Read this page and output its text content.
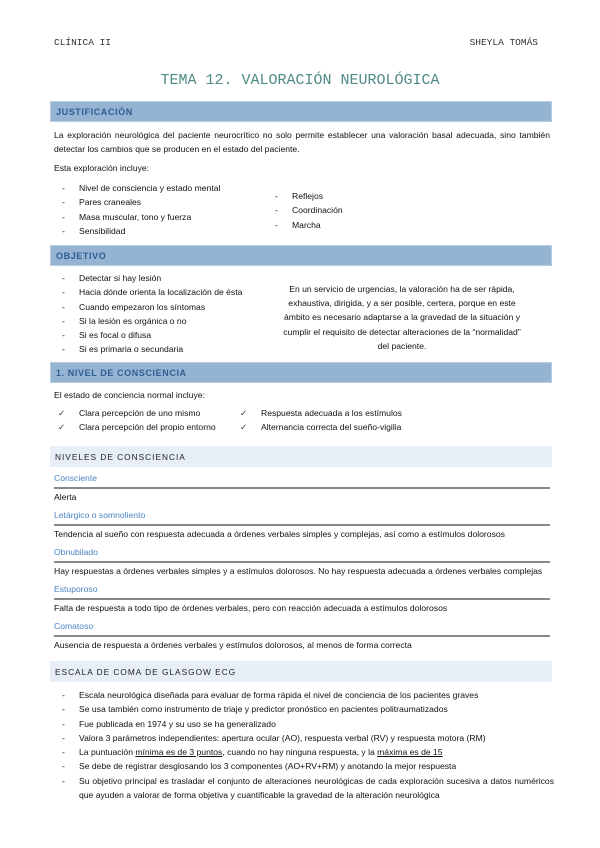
CLÍNICA II	SHEYLA TOMÁS
TEMA 12. VALORACIÓN NEUROLÓGICA
JUSTIFICACIÓN
La exploración neurológica del paciente neurocrítico no solo permite establecer una valoración basal adecuada, sino también detectar los cambios que se producen en el estado del paciente.
Esta exploración incluye:
- Nivel de consciencia y estado mental
- Pares craneales
- Masa muscular, tono y fuerza
- Sensibilidad
- Reflejos
- Coordinación
- Marcha
OBJETIVO
- Detectar si hay lesión
- Hacia dónde orienta la localización de ésta
- Cuando empezaron los síntomas
- Si la lesión es orgánica o no
- Si es focal o difusa
- Si es primaria o secundaria
En un servicio de urgencias, la valoración ha de ser rápida, exhaustiva, dirigida, y a ser posible, certera, porque en este ámbito es necesario adaptarse a la gravedad de la situación y cumplir el requisito de detectar alteraciones de la “normalidad” del paciente.
1. NIVEL DE CONSCIENCIA
El estado de conciencia normal incluye:
✓ Clara percepción de uno mismo
✓ Clara percepción del propio entorno
✓ Respuesta adecuada a los estímulos
✓ Alternancia correcta del sueño-vigilia
NIVELES DE CONSCIENCIA
Consciente
Alerta
Letárgico o somnoliento
Tendencia al sueño con respuesta adecuada a órdenes verbales simples y complejas, así como a estímulos dolorosos
Obnubilado
Hay respuestas a órdenes verbales simples y a estímulos dolorosos. No hay respuesta adecuada a órdenes verbales complejas
Estuporoso
Falta de respuesta a todo tipo de órdenes verbales, pero con reacción adecuada a estímulos dolorosos
Comatoso
Ausencia de respuesta a órdenes verbales y estímulos dolorosos, al menos de forma correcta
ESCALA DE COMA DE GLASGOW ECG
- Escala neurológica diseñada para evaluar de forma rápida el nivel de conciencia de los pacientes graves
- Se usa también como instrumento de triaje y predictor pronóstico en pacientes politraumatizados
- Fue publicada en 1974 y su uso se ha generalizado
- Valora 3 parámetros independientes: apertura ocular (AO), respuesta verbal (RV) y respuesta motora (RM)
- La puntuación mínima es de 3 puntos, cuando no hay ninguna respuesta, y la máxima es de 15
- Se debe de registrar desglosando los 3 componentes (AO+RV+RM) y anotando la mejor respuesta
- Su objetivo principal es trasladar el conjunto de alteraciones neurológicas de cada exploración sucesiva a datos numéricos que ayuden a valorar de forma objetiva y cuantificable la gravedad de la alteración neurológica
